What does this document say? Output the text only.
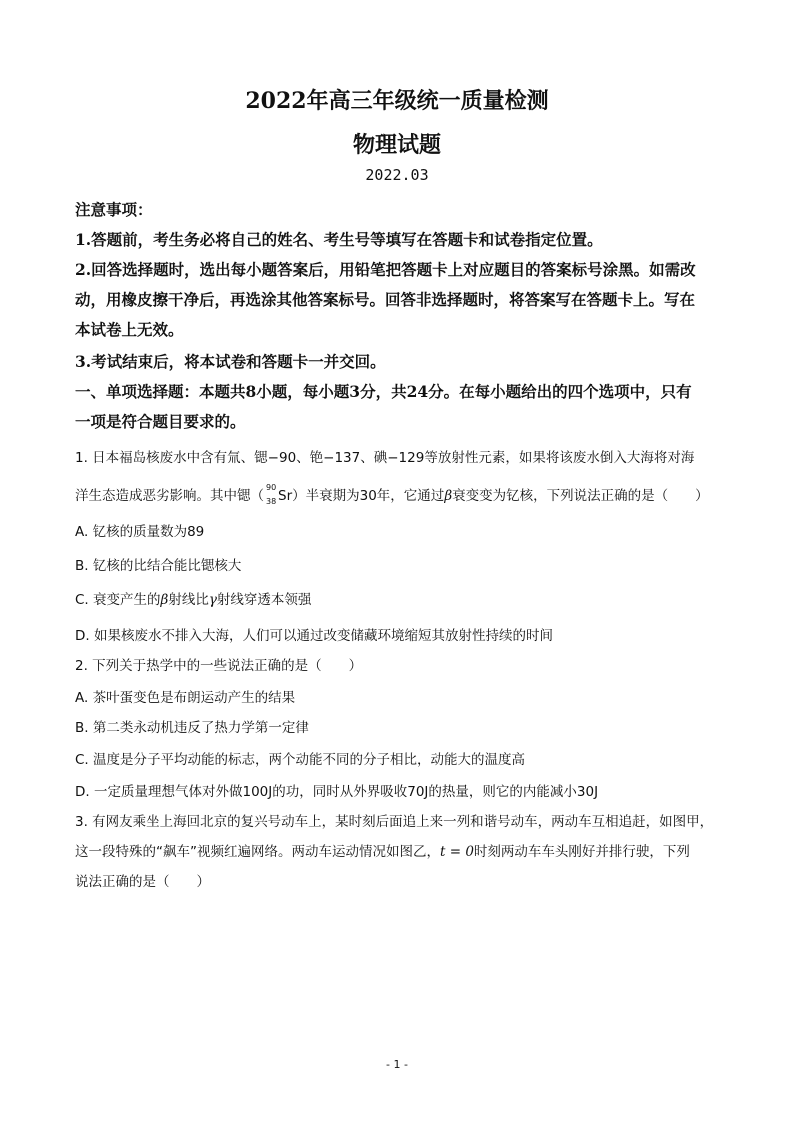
2022年高三年级统一质量检测
物理试题
2022.03
注意事项：
1.答题前，考生务必将自己的姓名、考生号等填写在答题卡和试卷指定位置。
2.回答选择题时，选出每小题答案后，用铅笔把答题卡上对应题目的答案标号涂黑。如需改
动，用橡皮擦干净后，再选涂其他答案标号。回答非选择题时，将答案写在答题卡上。写在
本试卷上无效。
3.考试结束后，将本试卷和答题卡一并交回。
一、单项选择题：本题共8小题，每小题3分，共24分。在每小题给出的四个选项中，只有
一项是符合题目要求的。
1. 日本福岛核废水中含有氚、锶−90、铯−137、碘−129等放射性元素，如果将该废水倒入大海将对海
洋生态造成恶劣影响。其中锶（
90
38 Sr）半衰期为30年，它通过β衰变变为钇核，下列说法正确的是（　　）
A. 钇核的质量数为89
B. 钇核的比结合能比锶核大
C. 衰变产生的β射线比γ射线穿透本领强
D. 如果核废水不排入大海，人们可以通过改变储藏环境缩短其放射性持续的时间
2. 下列关于热学中的一些说法正确的是（　　）
A. 茶叶蛋变色是布朗运动产生的结果
B. 第二类永动机违反了热力学第一定律
C. 温度是分子平均动能的标志，两个动能不同的分子相比，动能大的温度高
D. 一定质量理想气体对外做100J的功，同时从外界吸收70J的热量，则它的内能减小30J
3. 有网友乘坐上海回北京的复兴号动车上，某时刻后面追上来一列和谐号动车，两动车互相追赶，如图甲，
这一段特殊的“飙车”视频红遍网络。两动车运动情况如图乙，t = 0时刻两动车车头刚好并排行驶，下列
说法正确的是（　　）
- 1 -
